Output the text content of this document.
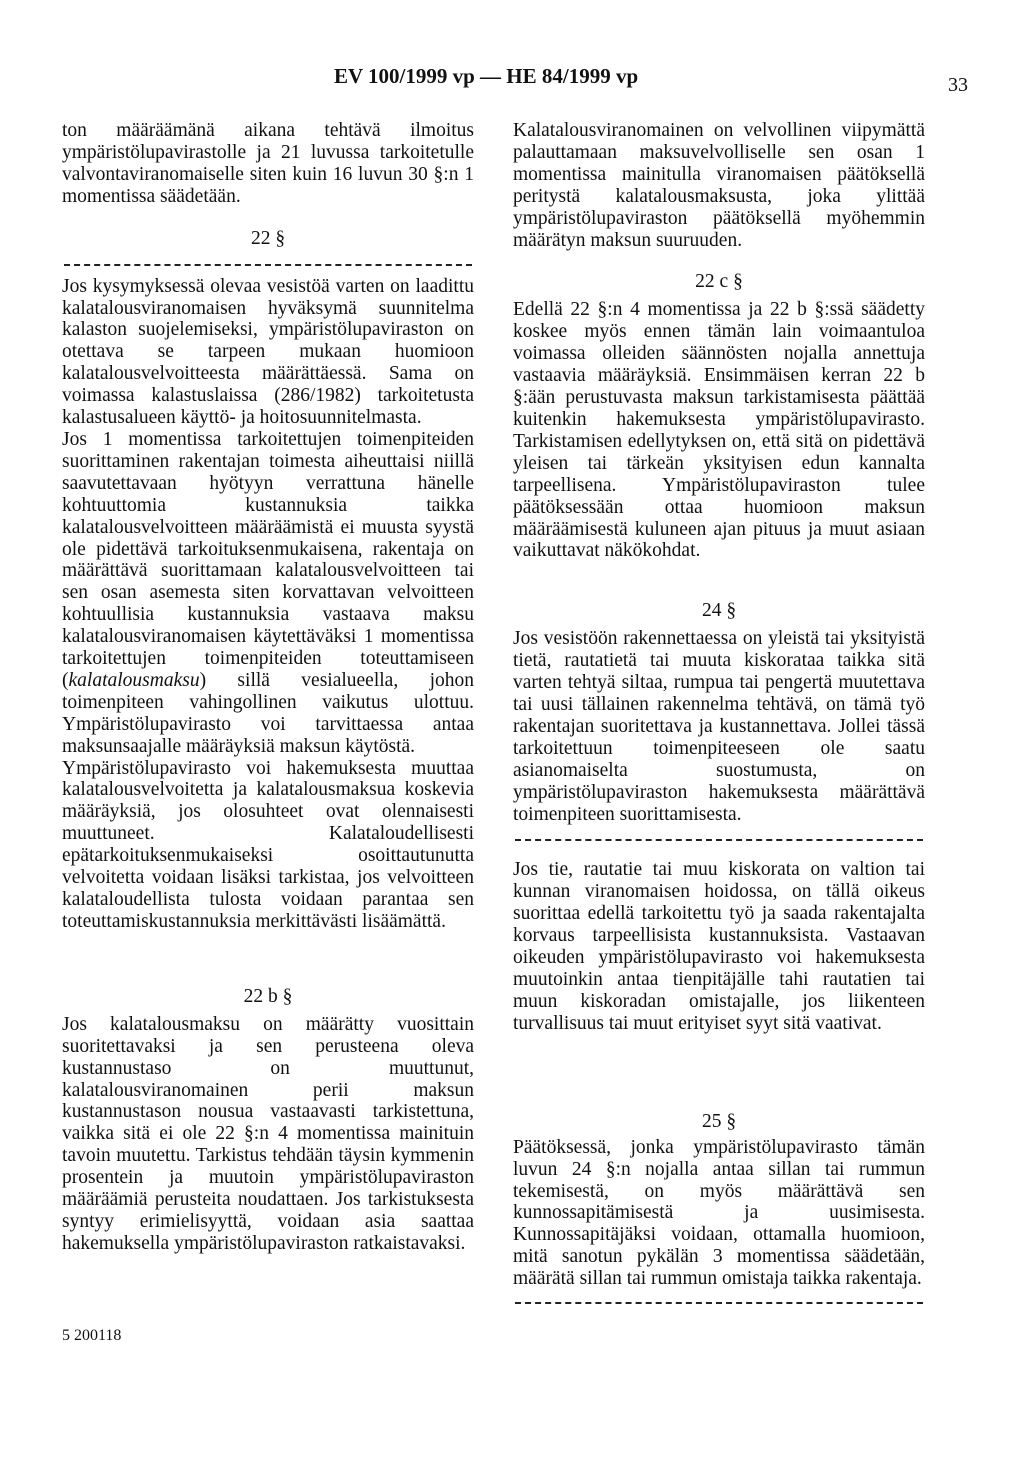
EV 100/1999 vp — HE 84/1999 vp	33

ton määräämänä aikana tehtävä ilmoitus ympäristölupavirastolle ja 21 luvussa tarkoitetulle valvontaviranomaiselle siten kuin 16 luvun 30 §:n 1 momentissa säädetään.

22 §

Jos kysymyksessä olevaa vesistöä varten on laadittu kalatalousviranomaisen hyväksymä suunnitelma kalaston suojelemiseksi, ympäristölupaviraston on otettava se tarpeen mukaan huomioon kalatalousvelvoitteesta määrättäessä. Sama on voimassa kalastuslaissa (286/1982) tarkoitetusta kalastusalueen käyttö- ja hoitosuunnitelmasta.

Jos 1 momentissa tarkoitettujen toimenpiteiden suorittaminen rakentajan toimesta aiheuttaisi niillä saavutettavaan hyötyyn verrattuna hänelle kohtuuttomia kustannuksia taikka kalatalousvelvoitteen määräämistä ei muusta syystä ole pidettävä tarkoituksenmukaisena, rakentaja on määrättävä suorittamaan kalatalousvelvoitteen tai sen osan asemesta siten korvattavan velvoitteen kohtuullisia kustannuksia vastaava maksu kalatalousviranomaisen käytettäväksi 1 momentissa tarkoitettujen toimenpiteiden toteuttamiseen (kalatalousmaksu) sillä vesialueella, johon toimenpiteen vahingollinen vaikutus ulottuu. Ympäristölupavirasto voi tarvittaessa antaa maksunsaajalle määräyksiä maksun käytöstä.

Ympäristölupavirasto voi hakemuksesta muuttaa kalatalousvelvoitetta ja kalatalousmaksua koskevia määräyksiä, jos olosuhteet ovat olennaisesti muuttuneet. Kalataloudellisesti epätarkoituksenmukaiseksi osoittautunutta velvoitetta voidaan lisäksi tarkistaa, jos velvoitteen kalataloudellista tulosta voidaan parantaa sen toteuttamiskustannuksia merkittävästi lisäämättä.

22 b §

Jos kalatalousmaksu on määrätty vuosittain suoritettavaksi ja sen perusteena oleva kustannustaso on muuttunut, kalatalousviranomainen perii maksun kustannustason nousua vastaavasti tarkistettuna, vaikka sitä ei ole 22 §:n 4 momentissa mainituin tavoin muutettu. Tarkistus tehdään täysin kymmenin prosentein ja muutoin ympäristölupaviraston määräämiä perusteita noudattaen. Jos tarkistuksesta syntyy erimielisyyttä, voidaan asia saattaa hakemuksella ympäristölupaviraston ratkaistavaksi.

Kalatalousviranomainen on velvollinen viipymättä palauttamaan maksuvelvolliselle sen osan 1 momentissa mainitulla viranomaisen päätöksellä peritystä kalatalousmaksusta, joka ylittää ympäristölupaviraston päätöksellä myöhemmin määrätyn maksun suuruuden.

22 c §

Edellä 22 §:n 4 momentissa ja 22 b §:ssä säädetty koskee myös ennen tämän lain voimaantuloa voimassa olleiden säännösten nojalla annettuja vastaavia määräyksiä. Ensimmäisen kerran 22 b §:ään perustuvasta maksun tarkistamisesta päättää kuitenkin hakemuksesta ympäristölupavirasto. Tarkistamisen edellytyksen on, että sitä on pidettävä yleisen tai tärkeän yksityisen edun kannalta tarpeellisena. Ympäristölupaviraston tulee päätöksessään ottaa huomioon maksun määräämisestä kuluneen ajan pituus ja muut asiaan vaikuttavat näkökohdat.

24 §

Jos vesistöön rakennettaessa on yleistä tai yksityistä tietä, rautatietä tai muuta kiskorataa taikka sitä varten tehtyä siltaa, rumpua tai pengertä muutettava tai uusi tällainen rakennelma tehtävä, on tämä työ rakentajan suoritettava ja kustannettava. Jollei tässä tarkoitettuun toimenpiteeseen ole saatu asianomaiselta suostumusta, on ympäristölupaviraston hakemuksesta määrättävä toimenpiteen suorittamisesta.

Jos tie, rautatie tai muu kiskorata on valtion tai kunnan viranomaisen hoidossa, on tällä oikeus suorittaa edellä tarkoitettu työ ja saada rakentajalta korvaus tarpeellisista kustannuksista. Vastaavan oikeuden ympäristölupavirasto voi hakemuksesta muutoinkin antaa tienpitäjälle tahi rautatien tai muun kiskoradan omistajalle, jos liikenteen turvallisuus tai muut erityiset syyt sitä vaativat.

25 §

Päätöksessä, jonka ympäristölupavirasto tämän luvun 24 §:n nojalla antaa sillan tai rummun tekemisestä, on myös määrättävä sen kunnossapitämisestä ja uusimisesta. Kunnossapitäjäksi voidaan, ottamalla huomioon, mitä sanotun pykälän 3 momentissa säädetään, määrätä sillan tai rummun omistaja taikka rakentaja.

5 200118
